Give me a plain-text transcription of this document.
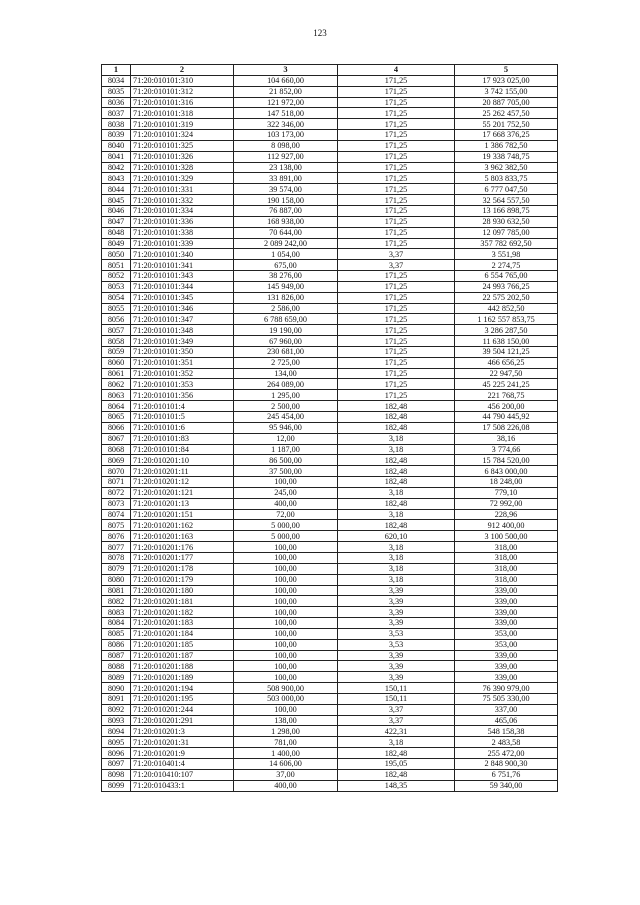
123
1	2	3	4	5
8034	71:20:010101:310	104 660,00	171,25	17 923 025,00
8035	71:20:010101:312	21 852,00	171,25	3 742 155,00
8036	71:20:010101:316	121 972,00	171,25	20 887 705,00
8037	71:20:010101:318	147 518,00	171,25	25 262 457,50
8038	71:20:010101:319	322 346,00	171,25	55 201 752,50
8039	71:20:010101:324	103 173,00	171,25	17 668 376,25
8040	71:20:010101:325	8 098,00	171,25	1 386 782,50
8041	71:20:010101:326	112 927,00	171,25	19 338 748,75
8042	71:20:010101:328	23 138,00	171,25	3 962 382,50
8043	71:20:010101:329	33 891,00	171,25	5 803 833,75
8044	71:20:010101:331	39 574,00	171,25	6 777 047,50
8045	71:20:010101:332	190 158,00	171,25	32 564 557,50
8046	71:20:010101:334	76 887,00	171,25	13 166 898,75
8047	71:20:010101:336	168 938,00	171,25	28 930 632,50
8048	71:20:010101:338	70 644,00	171,25	12 097 785,00
8049	71:20:010101:339	2 089 242,00	171,25	357 782 692,50
8050	71:20:010101:340	1 054,00	3,37	3 551,98
8051	71:20:010101:341	675,00	3,37	2 274,75
8052	71:20:010101:343	38 276,00	171,25	6 554 765,00
8053	71:20:010101:344	145 949,00	171,25	24 993 766,25
8054	71:20:010101:345	131 826,00	171,25	22 575 202,50
8055	71:20:010101:346	2 586,00	171,25	442 852,50
8056	71:20:010101:347	6 788 659,00	171,25	1 162 557 853,75
8057	71:20:010101:348	19 190,00	171,25	3 286 287,50
8058	71:20:010101:349	67 960,00	171,25	11 638 150,00
8059	71:20:010101:350	230 681,00	171,25	39 504 121,25
8060	71:20:010101:351	2 725,00	171,25	466 656,25
8061	71:20:010101:352	134,00	171,25	22 947,50
8062	71:20:010101:353	264 089,00	171,25	45 225 241,25
8063	71:20:010101:356	1 295,00	171,25	221 768,75
8064	71:20:010101:4	2 500,00	182,48	456 200,00
8065	71:20:010101:5	245 454,00	182,48	44 790 445,92
8066	71:20:010101:6	95 946,00	182,48	17 508 226,08
8067	71:20:010101:83	12,00	3,18	38,16
8068	71:20:010101:84	1 187,00	3,18	3 774,66
8069	71:20:010201:10	86 500,00	182,48	15 784 520,00
8070	71:20:010201:11	37 500,00	182,48	6 843 000,00
8071	71:20:010201:12	100,00	182,48	18 248,00
8072	71:20:010201:121	245,00	3,18	779,10
8073	71:20:010201:13	400,00	182,48	72 992,00
8074	71:20:010201:151	72,00	3,18	228,96
8075	71:20:010201:162	5 000,00	182,48	912 400,00
8076	71:20:010201:163	5 000,00	620,10	3 100 500,00
8077	71:20:010201:176	100,00	3,18	318,00
8078	71:20:010201:177	100,00	3,18	318,00
8079	71:20:010201:178	100,00	3,18	318,00
8080	71:20:010201:179	100,00	3,18	318,00
8081	71:20:010201:180	100,00	3,39	339,00
8082	71:20:010201:181	100,00	3,39	339,00
8083	71:20:010201:182	100,00	3,39	339,00
8084	71:20:010201:183	100,00	3,39	339,00
8085	71:20:010201:184	100,00	3,53	353,00
8086	71:20:010201:185	100,00	3,53	353,00
8087	71:20:010201:187	100,00	3,39	339,00
8088	71:20:010201:188	100,00	3,39	339,00
8089	71:20:010201:189	100,00	3,39	339,00
8090	71:20:010201:194	508 900,00	150,11	76 390 979,00
8091	71:20:010201:195	503 000,00	150,11	75 505 330,00
8092	71:20:010201:244	100,00	3,37	337,00
8093	71:20:010201:291	138,00	3,37	465,06
8094	71:20:010201:3	1 298,00	422,31	548 158,38
8095	71:20:010201:31	781,00	3,18	2 483,58
8096	71:20:010201:9	1 400,00	182,48	255 472,00
8097	71:20:010401:4	14 606,00	195,05	2 848 900,30
8098	71:20:010410:107	37,00	182,48	6 751,76
8099	71:20:010433:1	400,00	148,35	59 340,00
